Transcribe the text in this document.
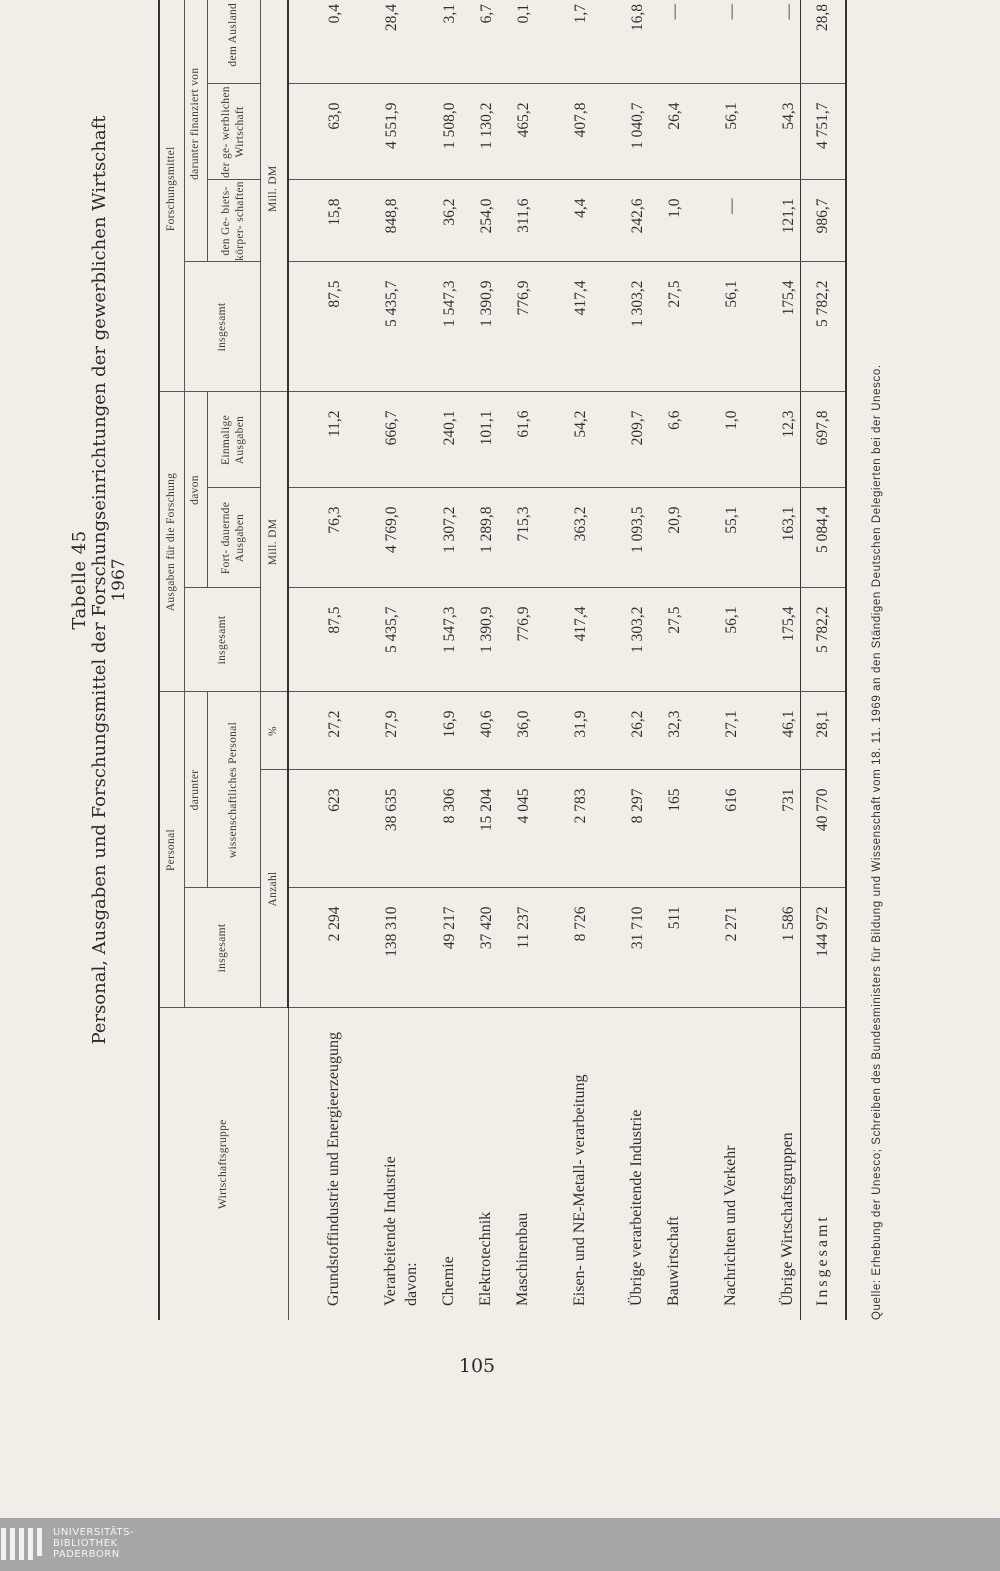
Tabelle 45 Personal, Ausgaben und Forschungsmittel der Forschungseinrichtungen der gewerblichen Wirtschaft 1967
Wirtschaftsgruppe	Personal			Ausgaben für die Forschung			Forschungsmittel			
	insgesamt	darunter		insgesamt	davon		insgesamt	darunter finanziert von		
		wissenschaftliches Personal			Fort- dauernde Ausgaben	Einmalige Ausgaben		den Ge- biets- körper- schaften	der ge- werblichen Wirtschaft	dem Ausland
	Anzahl		%	Mill. DM			Mill. DM			
Grundstoffindustrie und Energieerzeugung	2 294	623	27,2	87,5	76,3	11,2	87,5	15,8	63,0	0,4
Verarbeitende Industrie	138 310	38 635	27,9	5 435,7	4 769,0	666,7	5 435,7	848,8	4 551,9	28,4
davon:										
Chemie	49 217	8 306	16,9	1 547,3	1 307,2	240,1	1 547,3	36,2	1 508,0	3,1
Elektrotechnik	37 420	15 204	40,6	1 390,9	1 289,8	101,1	1 390,9	254,0	1 130,2	6,7
Maschinenbau	11 237	4 045	36,0	776,9	715,3	61,6	776,9	311,6	465,2	0,1
Eisen- und NE-Metall- verarbeitung	8 726	2 783	31,9	417,4	363,2	54,2	417,4	4,4	407,8	1,7
Übrige verarbeitende Industrie	31 710	8 297	26,2	1 303,2	1 093,5	209,7	1 303,2	242,6	1 040,7	16,8
Bauwirtschaft	511	165	32,3	27,5	20,9	6,6	27,5	1,0	26,4	—
Nachrichten und Verkehr	2 271	616	27,1	56,1	55,1	1,0	56,1	—	56,1	—
Übrige Wirtschaftsgruppen	1 586	731	46,1	175,4	163,1	12,3	175,4	121,1	54,3	—
Insgesamt	144 972	40 770	28,1	5 782,2	5 084,4	697,8	5 782,2	986,7	4 751,7	28,8
Quelle: Erhebung der Unesco; Schreiben des Bundesministers für Bildung und Wissenschaft vom 18. 11. 1969 an den Ständigen Deutschen Delegierten bei der Unesco.
105
UNIVERSITÄTS-
BIBLIOTHEK
PADERBORN
